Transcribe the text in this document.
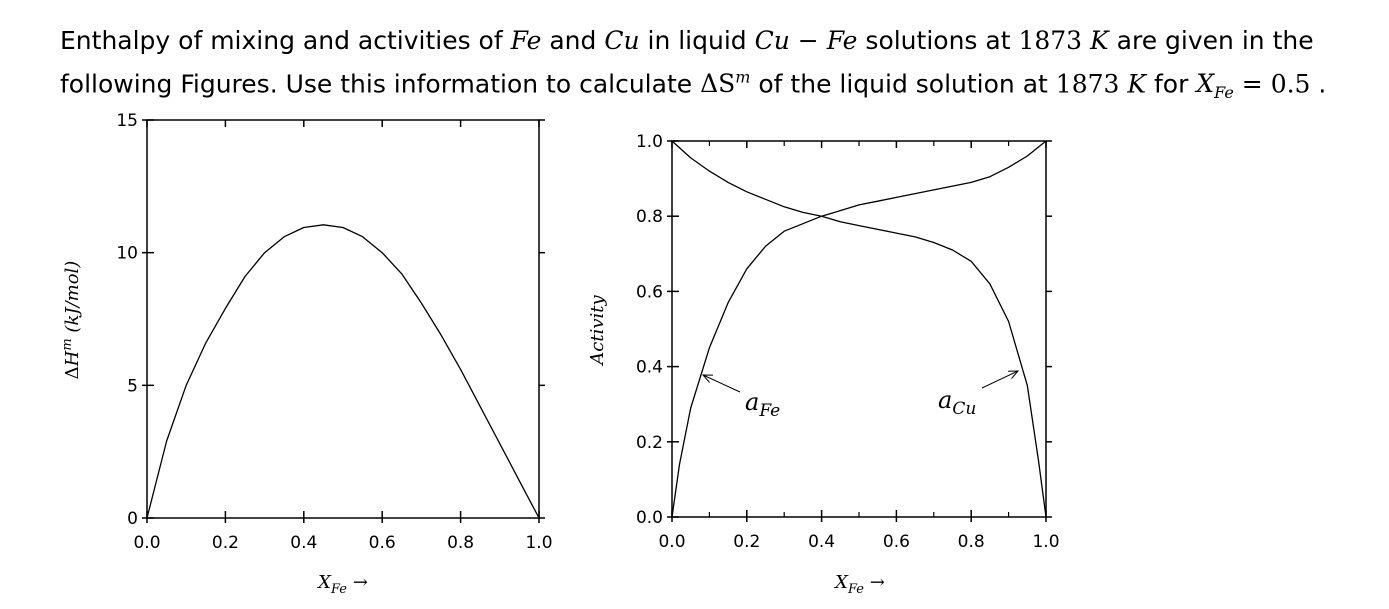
Enthalpy of mixing and activities of Fe and Cu in liquid Cu − Fe solutions at 1873 K are given in the following Figures. Use this information to calculate $\Delta S^m$ of the liquid solution at 1873 K for $X_{Fe} = 0.5$ .

0.0	0.2	0.4	0.6	0.8	1.0
0
5
10
15
$X_{Fe}$ →
$\Delta H^m$ (kJ/mol)
0.0	0.2	0.4	0.6	0.8	1.0
0.0
0.2
0.4
0.6
0.8
1.0
$X_{Fe}$ →
Activity
$a_{Fe}$	$a_{Cu}$
